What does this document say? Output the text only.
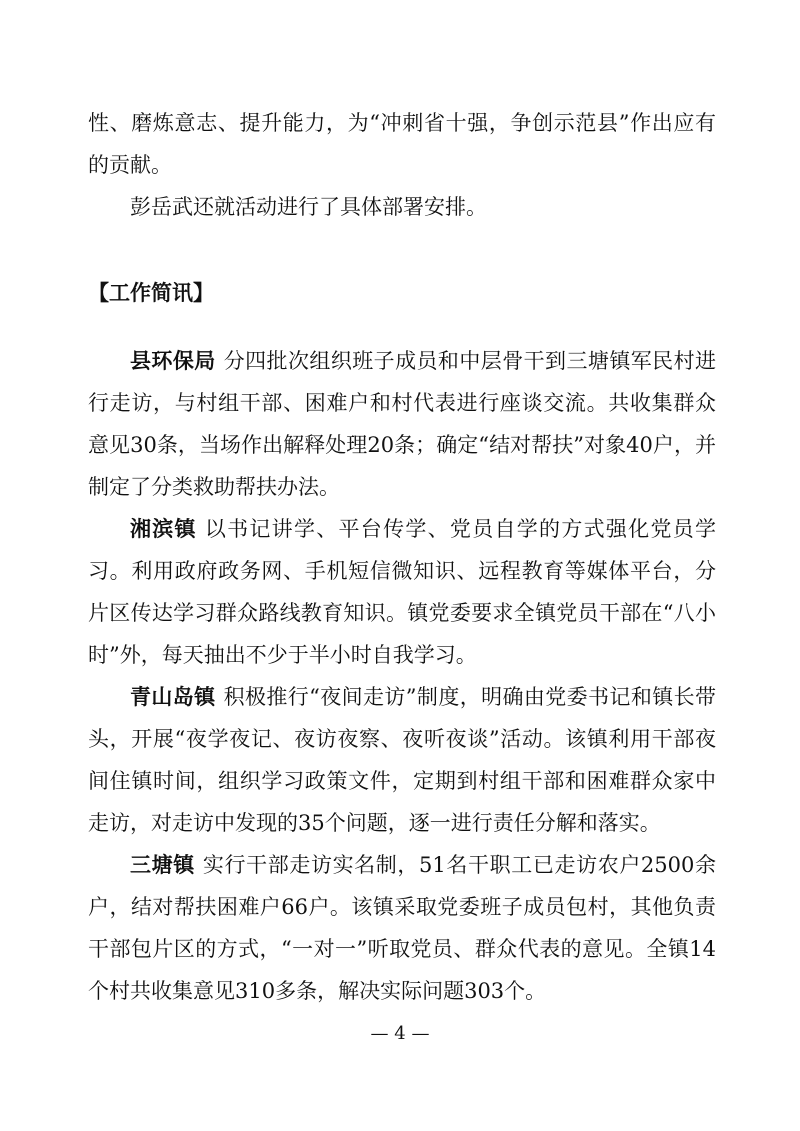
性、磨炼意志、提升能力，为“冲刺省十强，争创示范县”作出应有的贡献。

彭岳武还就活动进行了具体部署安排。

【工作简讯】

县环保局 分四批次组织班子成员和中层骨干到三塘镇军民村进行走访，与村组干部、困难户和村代表进行座谈交流。共收集群众意见30条，当场作出解释处理20条；确定“结对帮扶”对象40户，并制定了分类救助帮扶办法。

湘滨镇 以书记讲学、平台传学、党员自学的方式强化党员学习。利用政府政务网、手机短信微知识、远程教育等媒体平台，分片区传达学习群众路线教育知识。镇党委要求全镇党员干部在“八小时”外，每天抽出不少于半小时自我学习。

青山岛镇 积极推行“夜间走访”制度，明确由党委书记和镇长带头，开展“夜学夜记、夜访夜察、夜听夜谈”活动。该镇利用干部夜间住镇时间，组织学习政策文件，定期到村组干部和困难群众家中走访，对走访中发现的35个问题，逐一进行责任分解和落实。

三塘镇 实行干部走访实名制，51名干职工已走访农户2500余户，结对帮扶困难户66户。该镇采取党委班子成员包村，其他负责干部包片区的方式，“一对一”听取党员、群众代表的意见。全镇14个村共收集意见310多条，解决实际问题303个。

— 4 —
